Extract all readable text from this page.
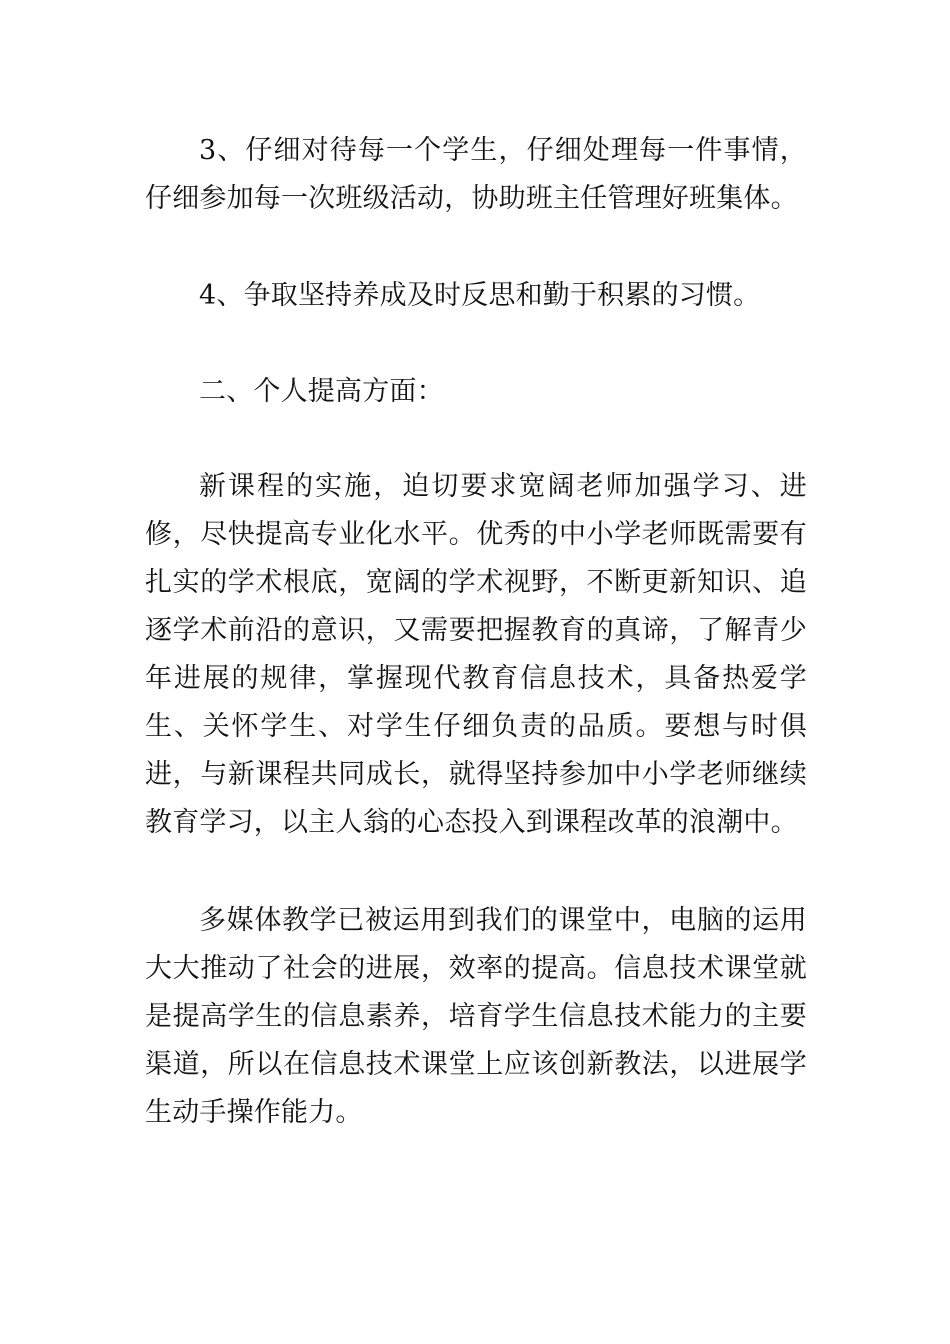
3、仔细对待每一个学生，仔细处理每一件事情，仔细参加每一次班级活动，协助班主任管理好班集体。

4、争取坚持养成及时反思和勤于积累的习惯。

二、个人提高方面：

新课程的实施，迫切要求宽阔老师加强学习、进修，尽快提高专业化水平。优秀的中小学老师既需要有扎实的学术根底，宽阔的学术视野，不断更新知识、追逐学术前沿的意识，又需要把握教育的真谛，了解青少年进展的规律，掌握现代教育信息技术，具备热爱学生、关怀学生、对学生仔细负责的品质。要想与时俱进，与新课程共同成长，就得坚持参加中小学老师继续教育学习，以主人翁的心态投入到课程改革的浪潮中。

多媒体教学已被运用到我们的课堂中，电脑的运用大大推动了社会的进展，效率的提高。信息技术课堂就是提高学生的信息素养，培育学生信息技术能力的主要渠道，所以在信息技术课堂上应该创新教法，以进展学生动手操作能力。
